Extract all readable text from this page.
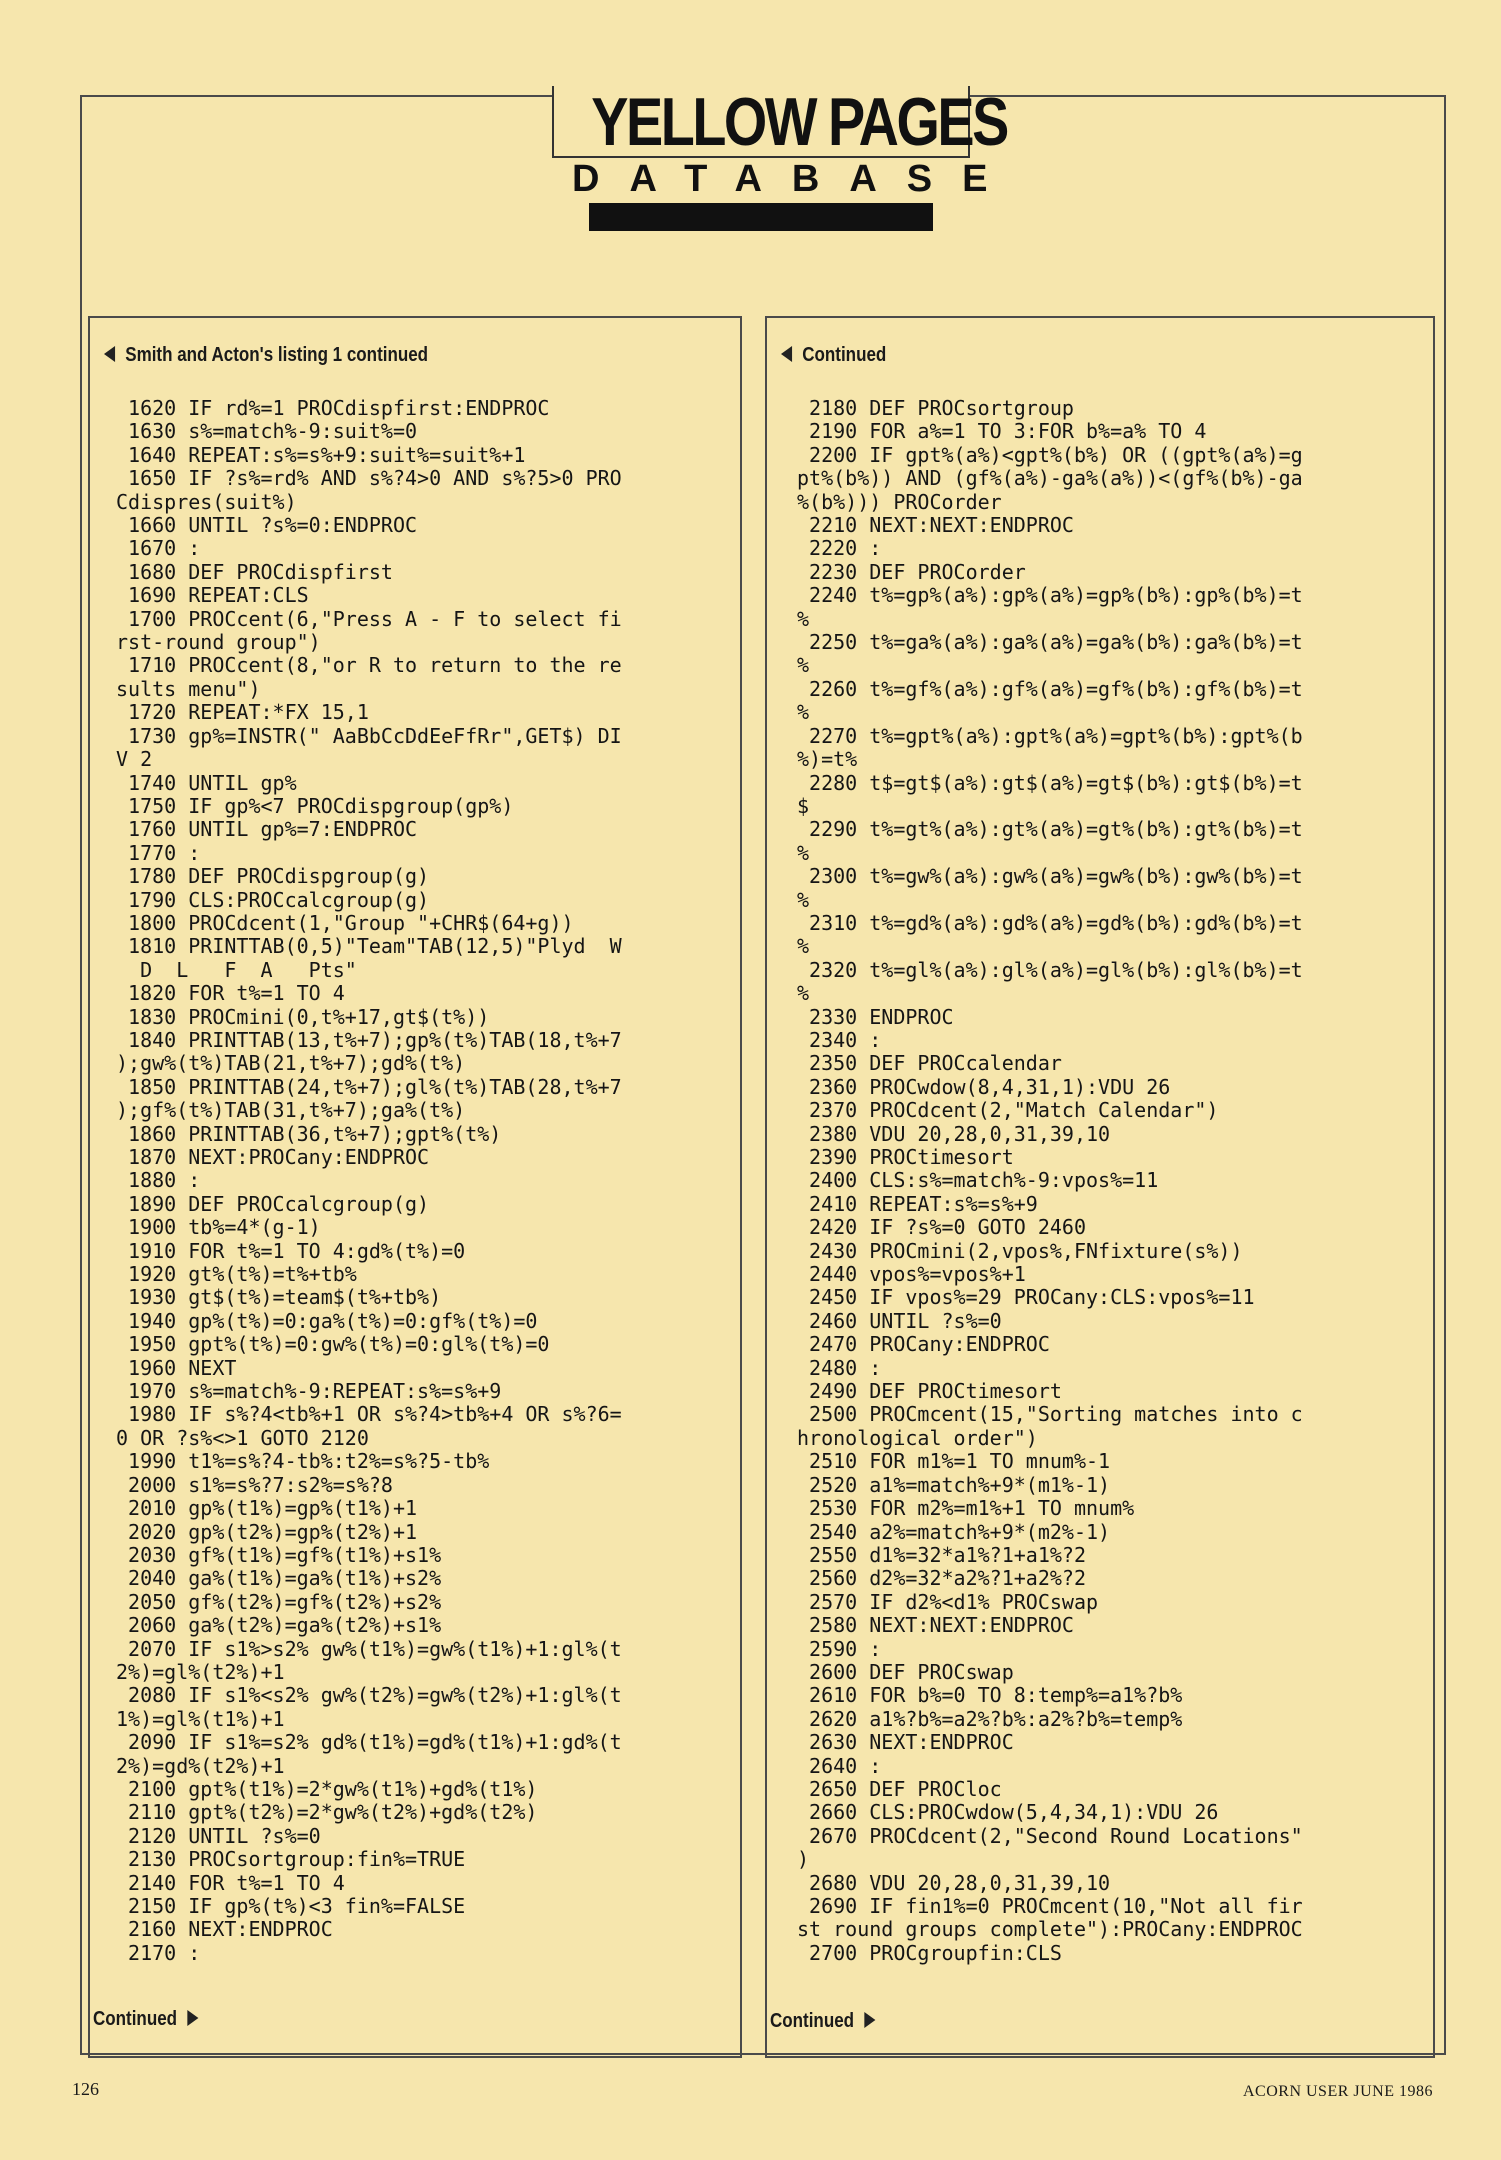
YELLOW PAGES
DATABASE
Smith and Acton's listing 1 continued
1620 IF rd%=1 PROCdispfirst:ENDPROC
1630 s%=match%-9:suit%=0
1640 REPEAT:s%=s%+9:suit%=suit%+1
1650 IF ?s%=rd% AND s%?4>0 AND s%?5>0 PRO
Cdispres(suit%)
1660 UNTIL ?s%=0:ENDPROC
1670 :
1680 DEF PROCdispfirst
1690 REPEAT:CLS
1700 PROCcent(6,"Press A - F to select fi
rst-round group")
1710 PROCcent(8,"or R to return to the re
sults menu")
1720 REPEAT:*FX 15,1
1730 gp%=INSTR(" AaBbCcDdEeFfRr",GET$) DI
V 2
1740 UNTIL gp%
1750 IF gp%<7 PROCdispgroup(gp%)
1760 UNTIL gp%=7:ENDPROC
1770 :
1780 DEF PROCdispgroup(g)
1790 CLS:PROCcalcgroup(g)
1800 PROCdcent(1,"Group "+CHR$(64+g))
1810 PRINTTAB(0,5)"Team"TAB(12,5)"Plyd  W
D  L   F  A   Pts"
1820 FOR t%=1 TO 4
1830 PROCmini(0,t%+17,gt$(t%))
1840 PRINTTAB(13,t%+7);gp%(t%)TAB(18,t%+7
);gw%(t%)TAB(21,t%+7);gd%(t%)
1850 PRINTTAB(24,t%+7);gl%(t%)TAB(28,t%+7
);gf%(t%)TAB(31,t%+7);ga%(t%)
1860 PRINTTAB(36,t%+7);gpt%(t%)
1870 NEXT:PROCany:ENDPROC
1880 :
1890 DEF PROCcalcgroup(g)
1900 tb%=4*(g-1)
1910 FOR t%=1 TO 4:gd%(t%)=0
1920 gt%(t%)=t%+tb%
1930 gt$(t%)=team$(t%+tb%)
1940 gp%(t%)=0:ga%(t%)=0:gf%(t%)=0
1950 gpt%(t%)=0:gw%(t%)=0:gl%(t%)=0
1960 NEXT
1970 s%=match%-9:REPEAT:s%=s%+9
1980 IF s%?4<tb%+1 OR s%?4>tb%+4 OR s%?6=
0 OR ?s%<>1 GOTO 2120
1990 t1%=s%?4-tb%:t2%=s%?5-tb%
2000 s1%=s%?7:s2%=s%?8
2010 gp%(t1%)=gp%(t1%)+1
2020 gp%(t2%)=gp%(t2%)+1
2030 gf%(t1%)=gf%(t1%)+s1%
2040 ga%(t1%)=ga%(t1%)+s2%
2050 gf%(t2%)=gf%(t2%)+s2%
2060 ga%(t2%)=ga%(t2%)+s1%
2070 IF s1%>s2% gw%(t1%)=gw%(t1%)+1:gl%(t
2%)=gl%(t2%)+1
2080 IF s1%<s2% gw%(t2%)=gw%(t2%)+1:gl%(t
1%)=gl%(t1%)+1
2090 IF s1%=s2% gd%(t1%)=gd%(t1%)+1:gd%(t
2%)=gd%(t2%)+1
2100 gpt%(t1%)=2*gw%(t1%)+gd%(t1%)
2110 gpt%(t2%)=2*gw%(t2%)+gd%(t2%)
2120 UNTIL ?s%=0
2130 PROCsortgroup:fin%=TRUE
2140 FOR t%=1 TO 4
2150 IF gp%(t%)<3 fin%=FALSE
2160 NEXT:ENDPROC
2170 :
Continued
Continued
2180 DEF PROCsortgroup
2190 FOR a%=1 TO 3:FOR b%=a% TO 4
2200 IF gpt%(a%)<gpt%(b%) OR ((gpt%(a%)=g
pt%(b%)) AND (gf%(a%)-ga%(a%))<(gf%(b%)-ga
%(b%))) PROCorder
2210 NEXT:NEXT:ENDPROC
2220 :
2230 DEF PROCorder
2240 t%=gp%(a%):gp%(a%)=gp%(b%):gp%(b%)=t
%
2250 t%=ga%(a%):ga%(a%)=ga%(b%):ga%(b%)=t
%
2260 t%=gf%(a%):gf%(a%)=gf%(b%):gf%(b%)=t
%
2270 t%=gpt%(a%):gpt%(a%)=gpt%(b%):gpt%(b
%)=t%
2280 t$=gt$(a%):gt$(a%)=gt$(b%):gt$(b%)=t
$
2290 t%=gt%(a%):gt%(a%)=gt%(b%):gt%(b%)=t
%
2300 t%=gw%(a%):gw%(a%)=gw%(b%):gw%(b%)=t
%
2310 t%=gd%(a%):gd%(a%)=gd%(b%):gd%(b%)=t
%
2320 t%=gl%(a%):gl%(a%)=gl%(b%):gl%(b%)=t
%
2330 ENDPROC
2340 :
2350 DEF PROCcalendar
2360 PROCwdow(8,4,31,1):VDU 26
2370 PROCdcent(2,"Match Calendar")
2380 VDU 20,28,0,31,39,10
2390 PROCtimesort
2400 CLS:s%=match%-9:vpos%=11
2410 REPEAT:s%=s%+9
2420 IF ?s%=0 GOTO 2460
2430 PROCmini(2,vpos%,FNfixture(s%))
2440 vpos%=vpos%+1
2450 IF vpos%=29 PROCany:CLS:vpos%=11
2460 UNTIL ?s%=0
2470 PROCany:ENDPROC
2480 :
2490 DEF PROCtimesort
2500 PROCmcent(15,"Sorting matches into c
hronological order")
2510 FOR m1%=1 TO mnum%-1
2520 a1%=match%+9*(m1%-1)
2530 FOR m2%=m1%+1 TO mnum%
2540 a2%=match%+9*(m2%-1)
2550 d1%=32*a1%?1+a1%?2
2560 d2%=32*a2%?1+a2%?2
2570 IF d2%<d1% PROCswap
2580 NEXT:NEXT:ENDPROC
2590 :
2600 DEF PROCswap
2610 FOR b%=0 TO 8:temp%=a1%?b%
2620 a1%?b%=a2%?b%:a2%?b%=temp%
2630 NEXT:ENDPROC
2640 :
2650 DEF PROCloc
2660 CLS:PROCwdow(5,4,34,1):VDU 26
2670 PROCdcent(2,"Second Round Locations"
)
2680 VDU 20,28,0,31,39,10
2690 IF fin1%=0 PROCmcent(10,"Not all fir
st round groups complete"):PROCany:ENDPROC
2700 PROCgroupfin:CLS
Continued
126	ACORN USER JUNE 1986
